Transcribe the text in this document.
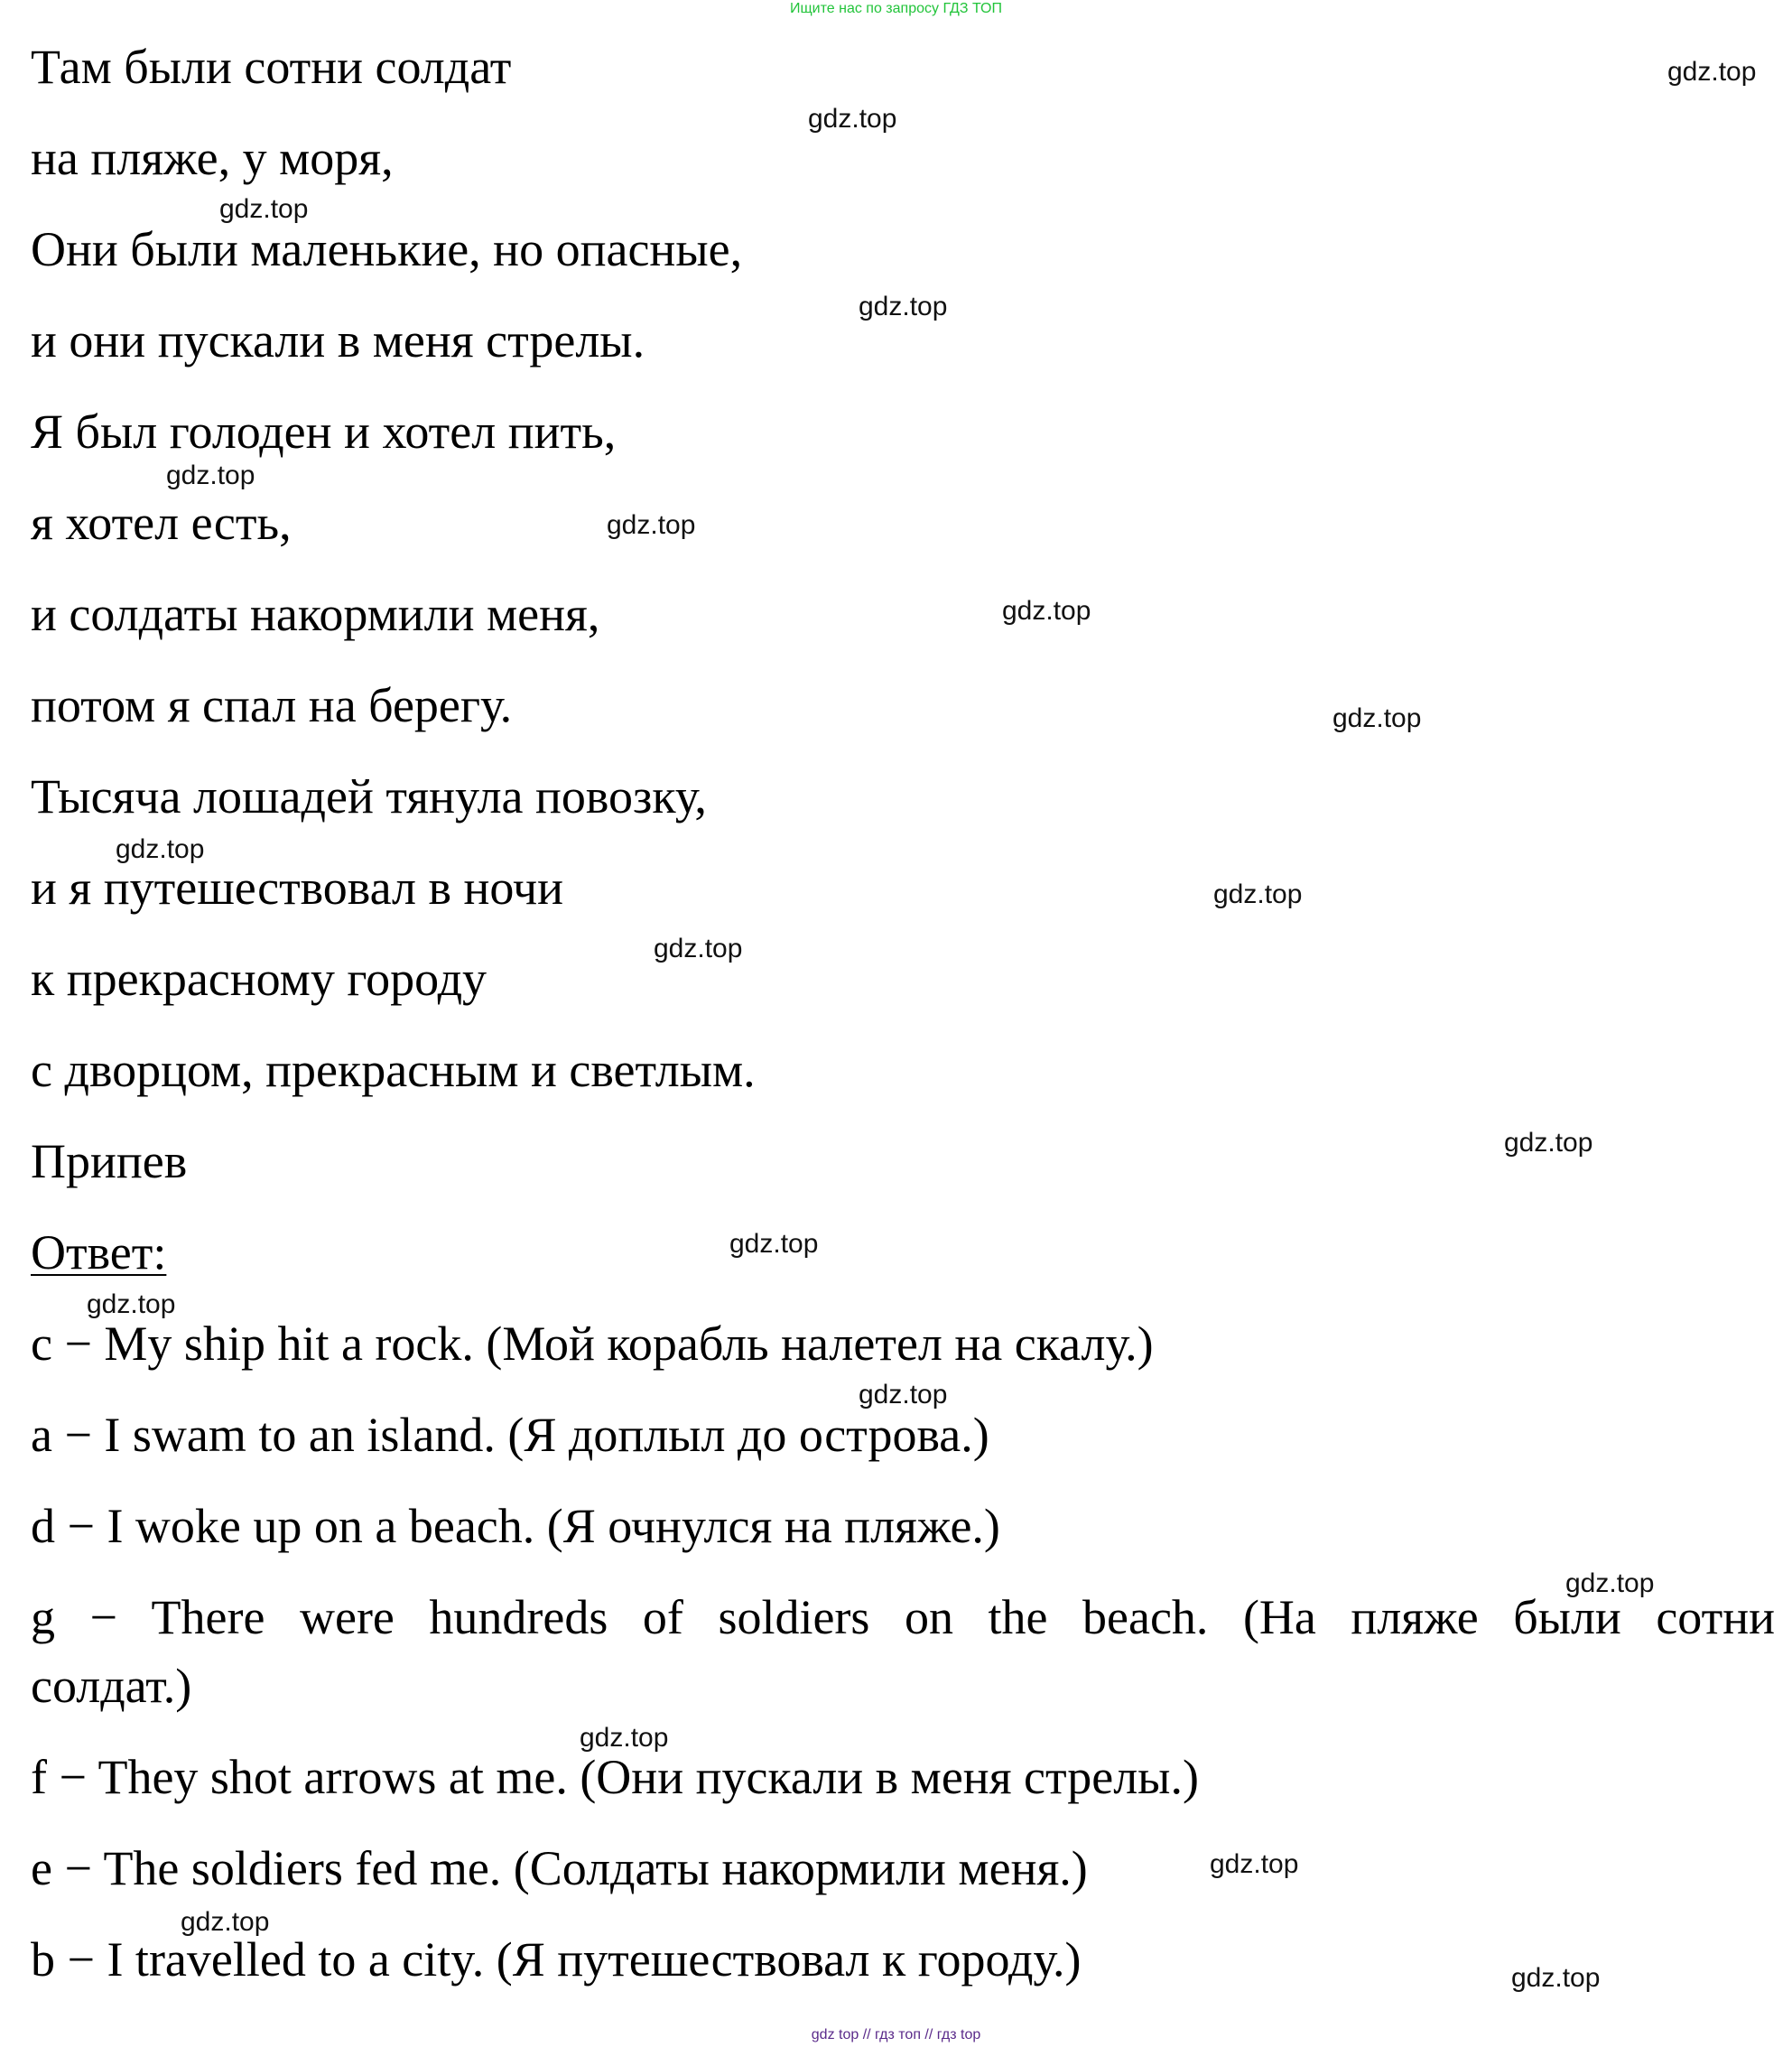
Ищите нас по запросу ГДЗ ТОП
Там были сотни солдат
на пляже, у моря,
Они были маленькие, но опасные,
и они пускали в меня стрелы.
Я был голоден и хотел пить,
я хотел есть,
и солдаты накормили меня,
потом я спал на берегу.
Тысяча лошадей тянула повозку,
и я путешествовал в ночи
к прекрасному городу
с дворцом, прекрасным и светлым.
Припев
Ответ:
c − My ship hit a rock. (Мой корабль налетел на скалу.)
a − I swam to an island. (Я доплыл до острова.)
d − I woke up on a beach. (Я очнулся на пляже.)
g − There were hundreds of soldiers on the beach. (На пляже были сотни
солдат.)
f − They shot arrows at me. (Они пускали в меня стрелы.)
e − The soldiers fed me. (Солдаты накормили меня.)
b − I travelled to a city. (Я путешествовал к городу.)
gdz.top
gdz.top
gdz.top
gdz.top
gdz.top
gdz.top
gdz.top
gdz.top
gdz.top
gdz.top
gdz.top
gdz.top
gdz.top
gdz.top
gdz.top
gdz.top
gdz.top
gdz.top
gdz.top
gdz.top
gdz top // гдз топ // гдз top
